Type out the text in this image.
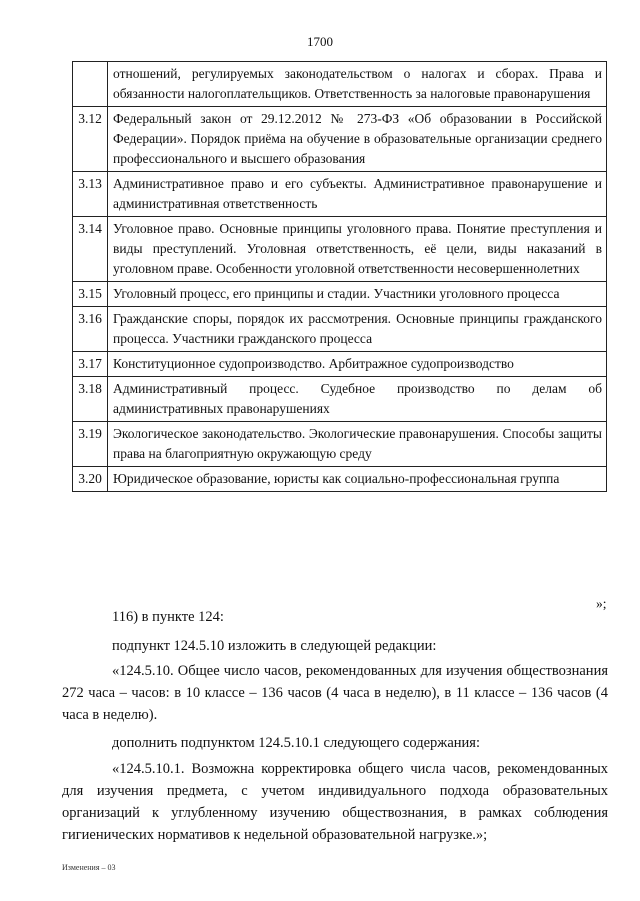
1700
	отношений, регулируемых законодательством о налогах и сборах. Права и обязанности налогоплательщиков. Ответственность за налоговые правонарушения
3.12	Федеральный закон от 29.12.2012 № 273-ФЗ «Об образовании в Российской Федерации». Порядок приёма на обучение в образовательные организации среднего профессионального и высшего образования
3.13	Административное право и его субъекты. Административное правонарушение и административная ответственность
3.14	Уголовное право. Основные принципы уголовного права. Понятие преступления и виды преступлений. Уголовная ответственность, её цели, виды наказаний в уголовном праве. Особенности уголовной ответственности несовершеннолетних
3.15	Уголовный процесс, его принципы и стадии. Участники уголовного процесса
3.16	Гражданские споры, порядок их рассмотрения. Основные принципы гражданского процесса. Участники гражданского процесса
3.17	Конституционное судопроизводство. Арбитражное судопроизводство
3.18	Административный процесс. Судебное производство по делам об административных правонарушениях
3.19	Экологическое законодательство. Экологические правонарушения. Способы защиты права на благоприятную окружающую среду
3.20	Юридическое образование, юристы как социально-профессиональная группа
»;
116) в пункте 124:
подпункт 124.5.10 изложить в следующей редакции:
«124.5.10. Общее число часов, рекомендованных для изучения обществознания 272 часа – часов: в 10 классе – 136 часов (4 часа в неделю), в 11 классе – 136 часов (4 часа в неделю).
дополнить подпунктом 124.5.10.1 следующего содержания:
«124.5.10.1. Возможна корректировка общего числа часов, рекомендованных для изучения предмета, с учетом индивидуального подхода образовательных организаций к углубленному изучению обществознания, в рамках соблюдения гигиенических нормативов к недельной образовательной нагрузке.»;
Изменения – 03
